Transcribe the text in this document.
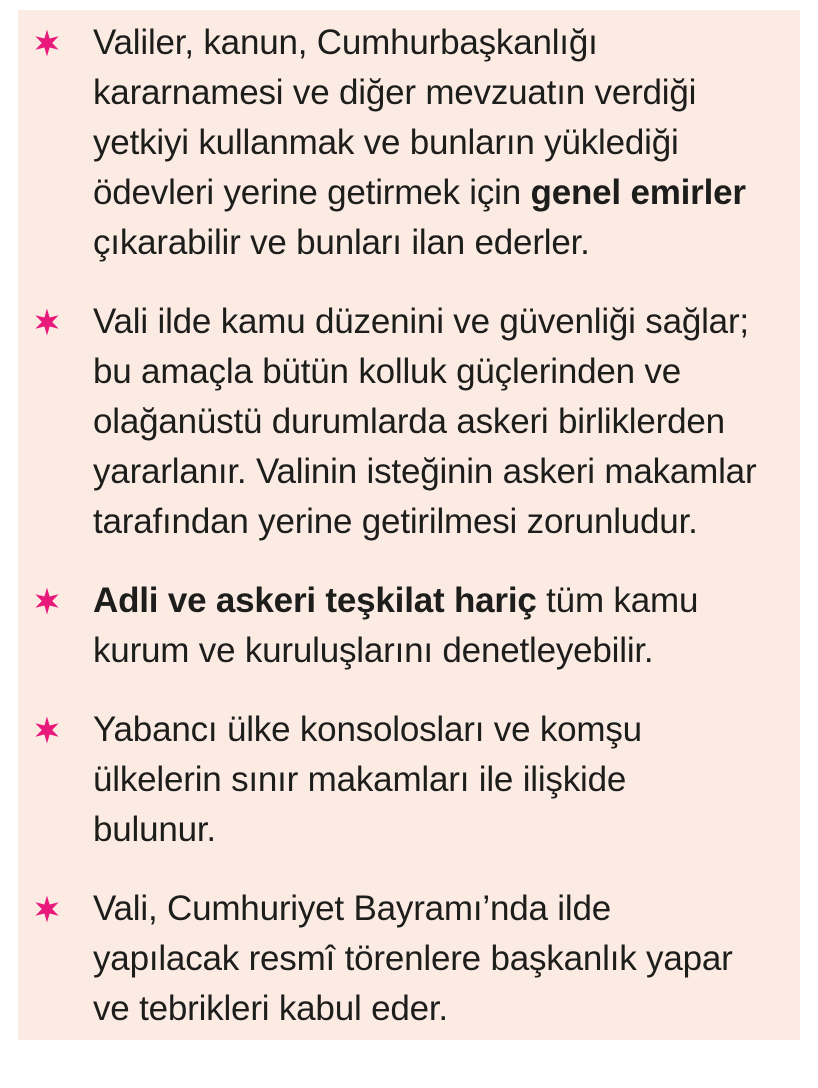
Valiler, kanun, Cumhurbaşkanlığı
kararnamesi ve diğer mevzuatın verdiği
yetkiyi kullanmak ve bunların yüklediği
ödevleri yerine getirmek için genel emirler
çıkarabilir ve bunları ilan ederler.
Vali ilde kamu düzenini ve güvenliği sağlar;
bu amaçla bütün kolluk güçlerinden ve
olağanüstü durumlarda askeri birliklerden
yararlanır. Valinin isteğinin askeri makamlar
tarafından yerine getirilmesi zorunludur.
Adli ve askeri teşkilat hariç tüm kamu
kurum ve kuruluşlarını denetleyebilir.
Yabancı ülke konsolosları ve komşu
ülkelerin sınır makamları ile ilişkide
bulunur.
Vali, Cumhuriyet Bayramı’nda ilde
yapılacak resmî törenlere başkanlık yapar
ve tebrikleri kabul eder.
